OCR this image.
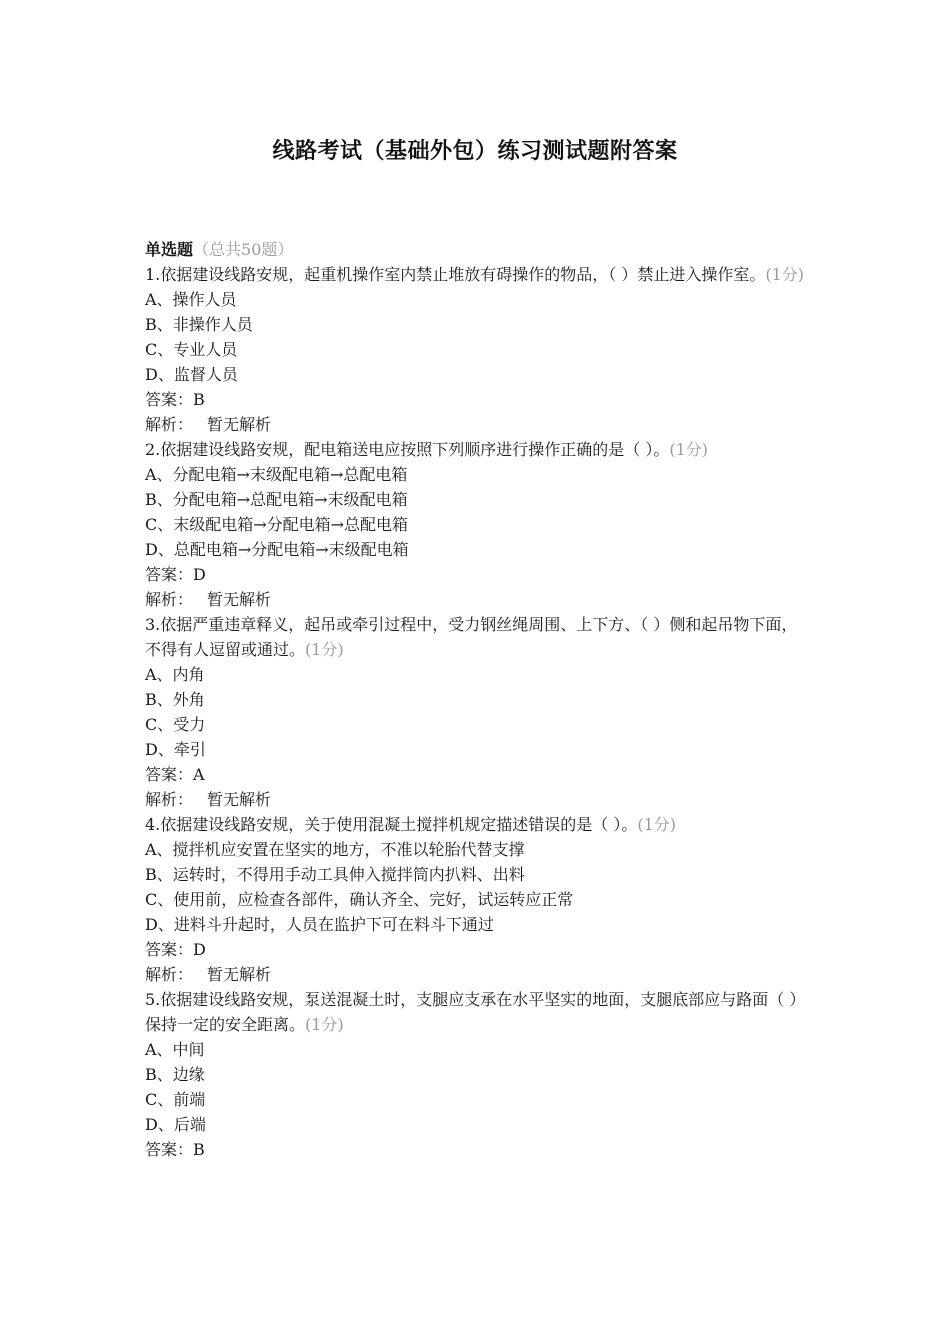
线路考试（基础外包）练习测试题附答案

单选题（总共50题）

1.依据建设线路安规，起重机操作室内禁止堆放有碍操作的物品，（ ）禁止进入操作室。(1分)

A、操作人员

B、非操作人员

C、专业人员

D、监督人员

答案：B

解析： 暂无解析

2.依据建设线路安规，配电箱送电应按照下列顺序进行操作正确的是（ ）。(1分)

A、分配电箱→末级配电箱→总配电箱

B、分配电箱→总配电箱→末级配电箱

C、末级配电箱→分配电箱→总配电箱

D、总配电箱→分配电箱→末级配电箱

答案：D

解析： 暂无解析

3.依据严重违章释义，起吊或牵引过程中，受力钢丝绳周围、上下方、（ ）侧和起吊物下面，不得有人逗留或通过。(1分)

A、内角

B、外角

C、受力

D、牵引

答案：A

解析： 暂无解析

4.依据建设线路安规，关于使用混凝土搅拌机规定描述错误的是（ ）。(1分)

A、搅拌机应安置在坚实的地方，不准以轮胎代替支撑

B、运转时，不得用手动工具伸入搅拌筒内扒料、出料

C、使用前，应检查各部件，确认齐全、完好，试运转应正常

D、进料斗升起时，人员在监护下可在料斗下通过

答案：D

解析： 暂无解析

5.依据建设线路安规，泵送混凝土时，支腿应支承在水平坚实的地面，支腿底部应与路面（ ）保持一定的安全距离。(1分)

A、中间

B、边缘

C、前端

D、后端

答案：B
